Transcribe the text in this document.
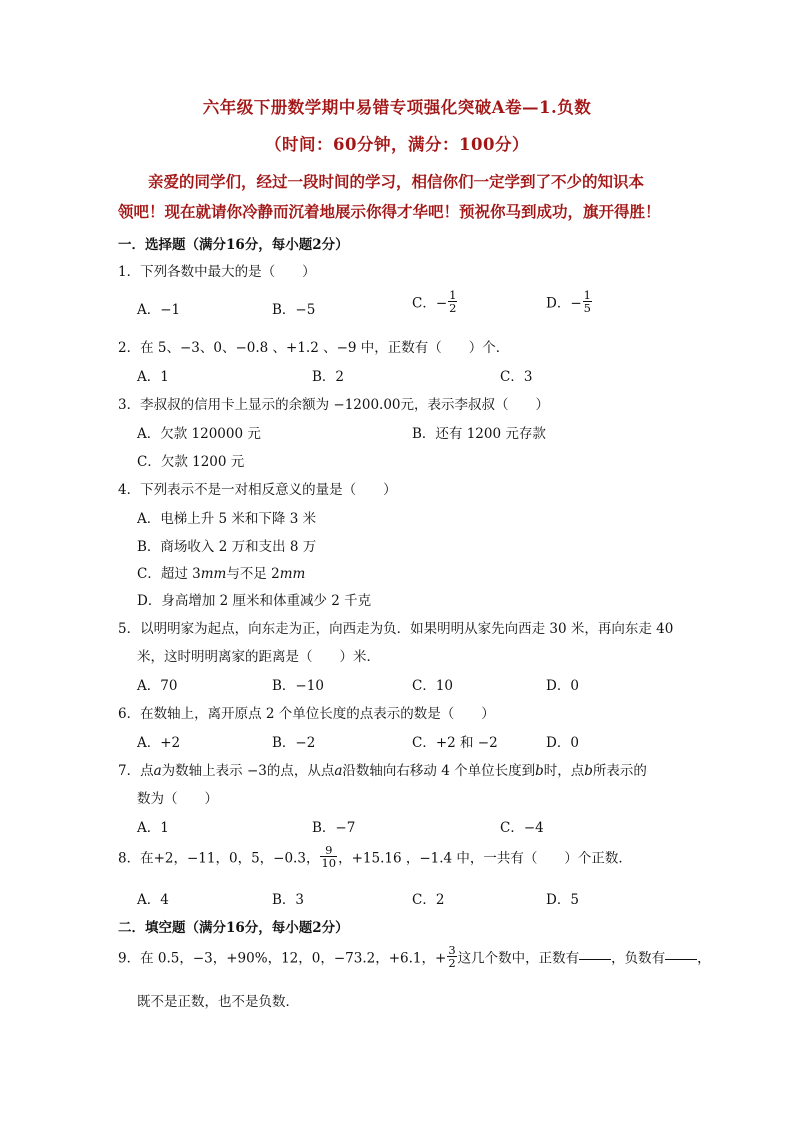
六年级下册数学期中易错专项强化突破A卷—1.负数
（时间：60分钟，满分：100分）
亲爱的同学们，经过一段时间的学习，相信你们一定学到了不少的知识本
领吧！现在就请你冷静而沉着地展示你得才华吧！预祝你马到成功，旗开得胜！
一．选择题（满分16分，每小题2分）
1．下列各数中最大的是（　　）
A．−1	B．−5	C．− $\frac{1}{2}$	D．− $\frac{1}{5}$
2．在 5、−3、0、−0.8 、+1.2 、−9 中，正数有（　　）个．
A．1	B．2	C．3
3．李叔叔的信用卡上显示的余额为 −1200.00元，表示李叔叔（　　）
A．欠款 120000 元	B．还有 1200 元存款
C．欠款 1200 元
4．下列表示不是一对相反意义的量是（　　）
A．电梯上升 5 米和下降 3 米
B．商场收入 2 万和支出 8 万
C．超过 3mm与不足 2mm
D．身高增加 2 厘米和体重减少 2 千克
5．以明明家为起点，向东走为正，向西走为负．如果明明从家先向西走 30 米，再向东走 40
米，这时明明离家的距离是（　　）米．
A．70	B．−10	C．10	D．0
6．在数轴上，离开原点 2 个单位长度的点表示的数是（　　）
A．+2	B．−2	C．+2 和 −2	D．0
7．点a为数轴上表示 −3的点，从点a沿数轴向右移动 4 个单位长度到b时，点b所表示的
数为（　　）
A．1	B．−7	C．−4
8．在+2，−11，0，5，−0.3， $\frac{9}{10}$ ，+15.16 ，−1.4 中，一共有（　　）个正数．
A．4	B．3	C．2	D．5
二．填空题（满分16分，每小题2分）
9．在 0.5，−3，+90%，12，0，−73.2，+6.1，+ $\frac{3}{2}$ 这几个数中，正数有 ，负数有 ，
既不是正数，也不是负数．
